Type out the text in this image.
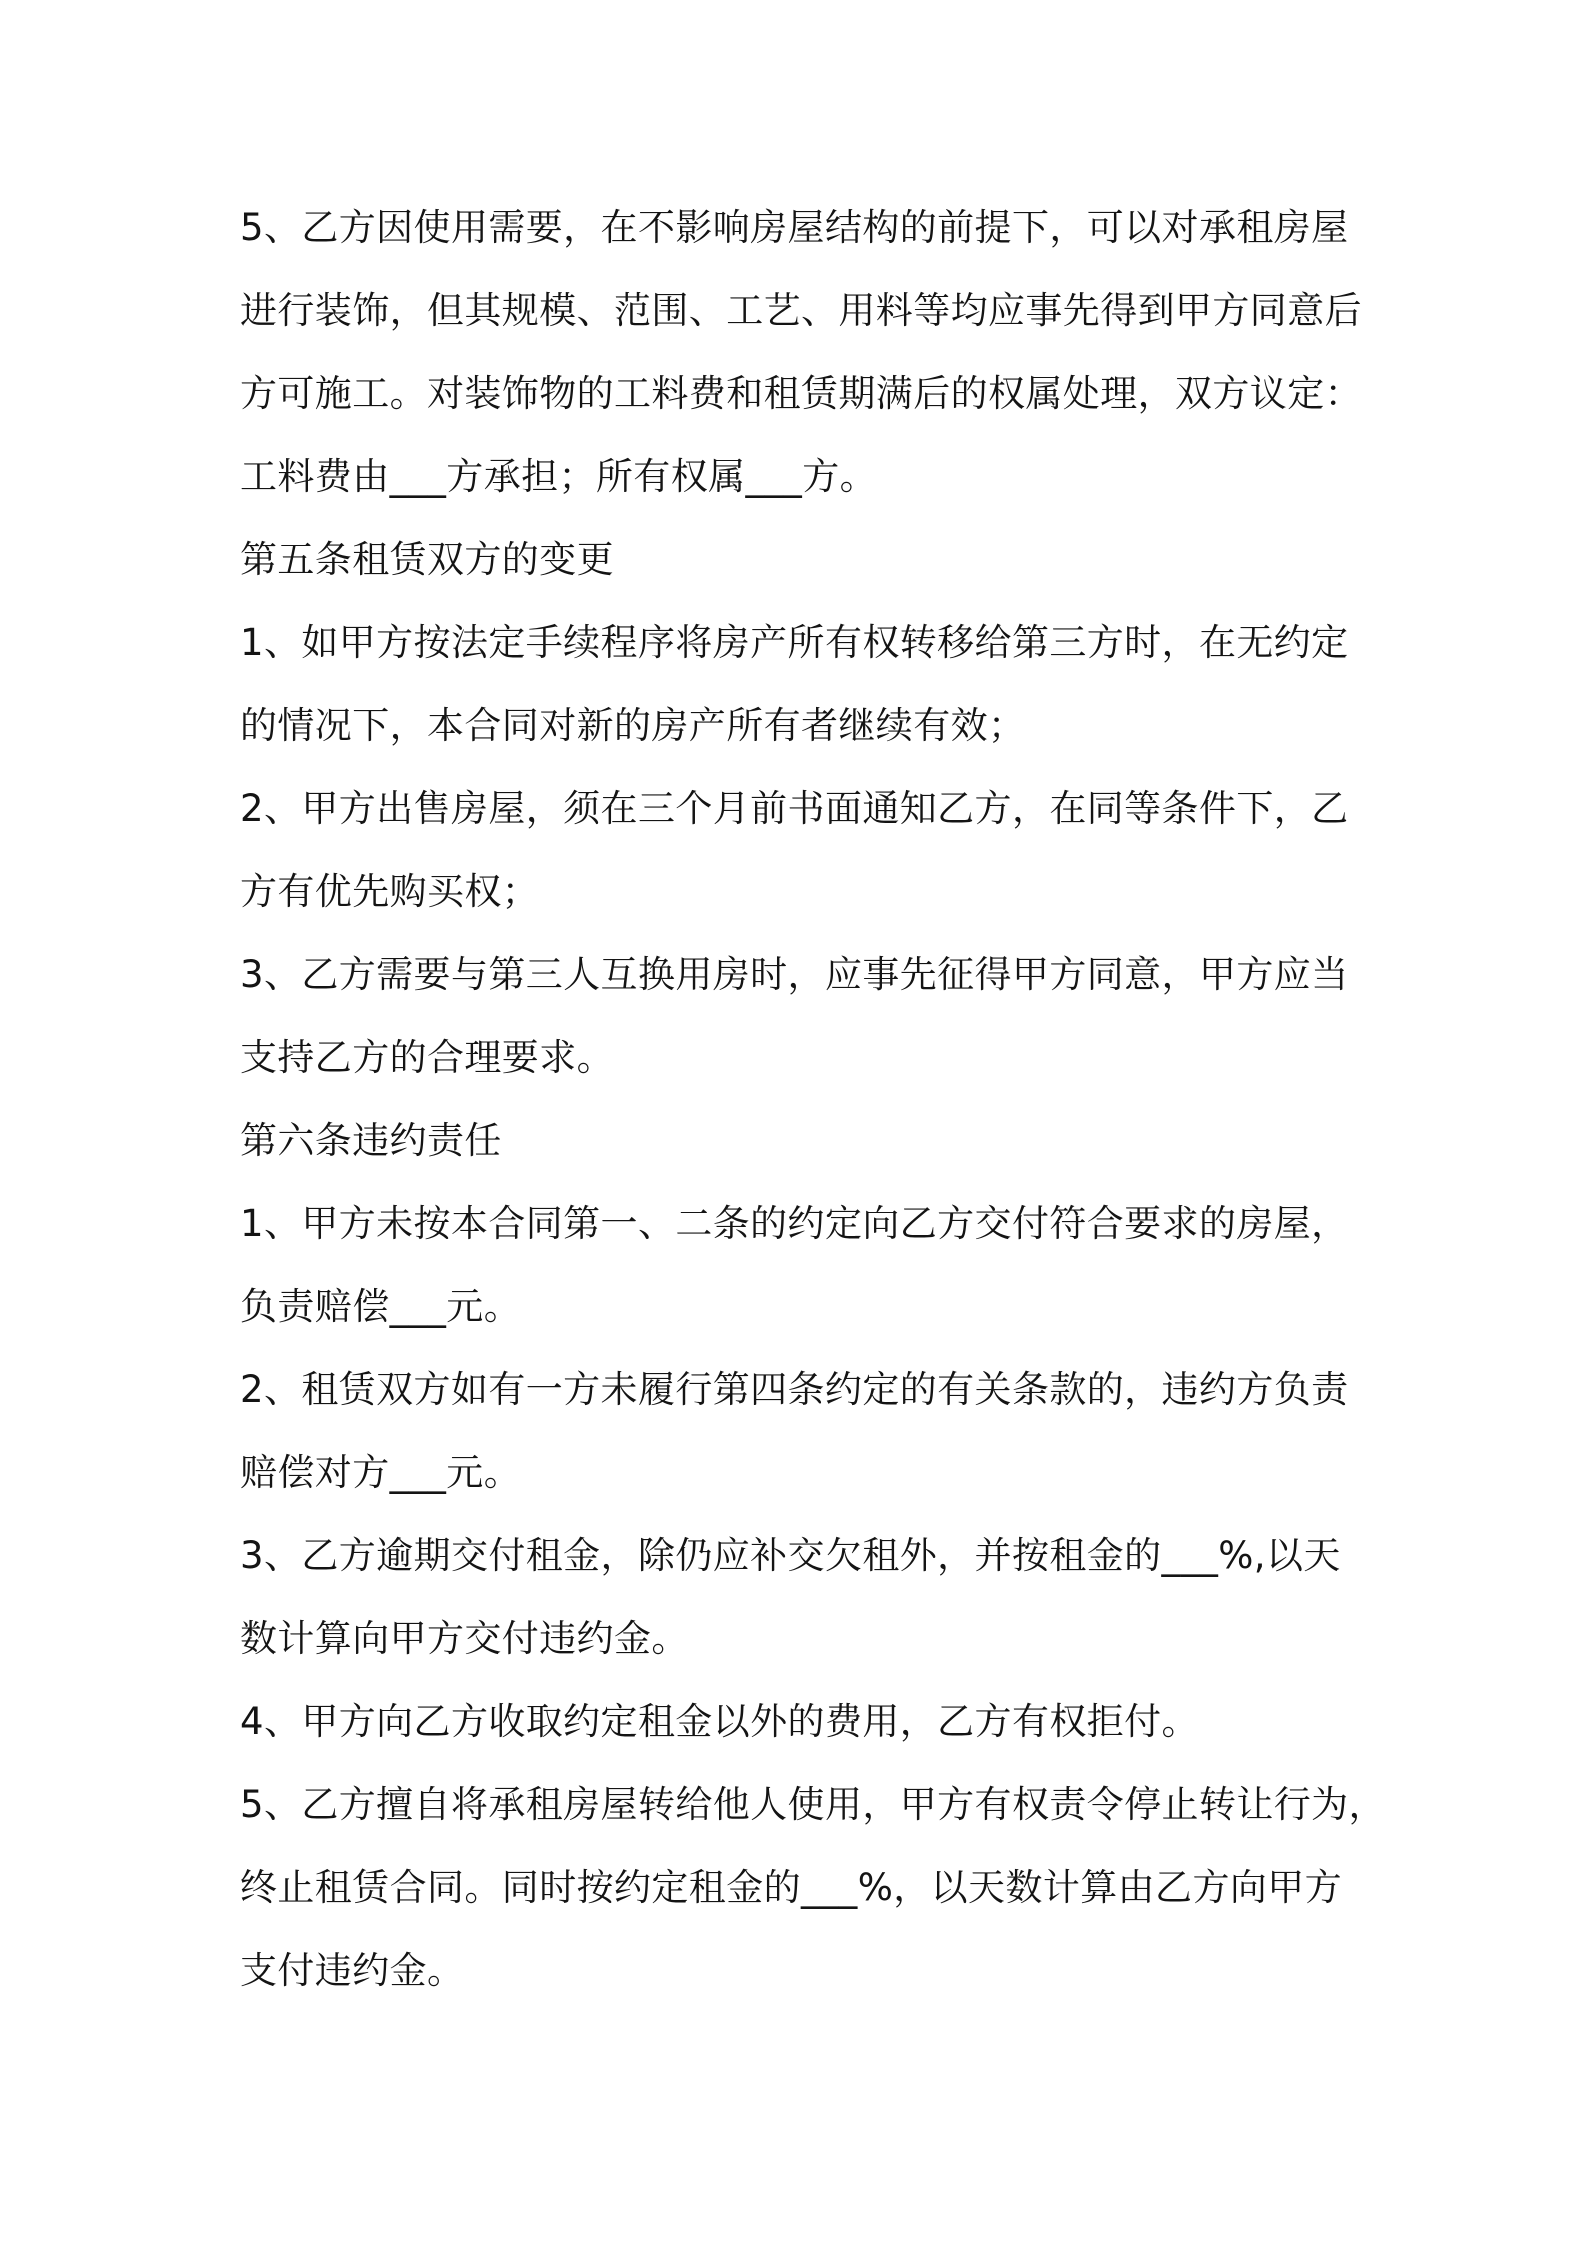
5、乙方因使用需要，在不影响房屋结构的前提下，可以对承租房屋
进行装饰，但其规模、范围、工艺、用料等均应事先得到甲方同意后
方可施工。对装饰物的工料费和租赁期满后的权属处理，双方议定：
工料费由___方承担；所有权属___方。
第五条租赁双方的变更
1、如甲方按法定手续程序将房产所有权转移给第三方时，在无约定
的情况下，本合同对新的房产所有者继续有效；
2、甲方出售房屋，须在三个月前书面通知乙方，在同等条件下，乙
方有优先购买权；
3、乙方需要与第三人互换用房时，应事先征得甲方同意，甲方应当
支持乙方的合理要求。
第六条违约责任
1、甲方未按本合同第一、二条的约定向乙方交付符合要求的房屋，
负责赔偿___元。
2、租赁双方如有一方未履行第四条约定的有关条款的，违约方负责
赔偿对方___元。
3、乙方逾期交付租金，除仍应补交欠租外，并按租金的___%,以天
数计算向甲方交付违约金。
4、甲方向乙方收取约定租金以外的费用，乙方有权拒付。
5、乙方擅自将承租房屋转给他人使用，甲方有权责令停止转让行为，
终止租赁合同。同时按约定租金的___%，以天数计算由乙方向甲方
支付违约金。
